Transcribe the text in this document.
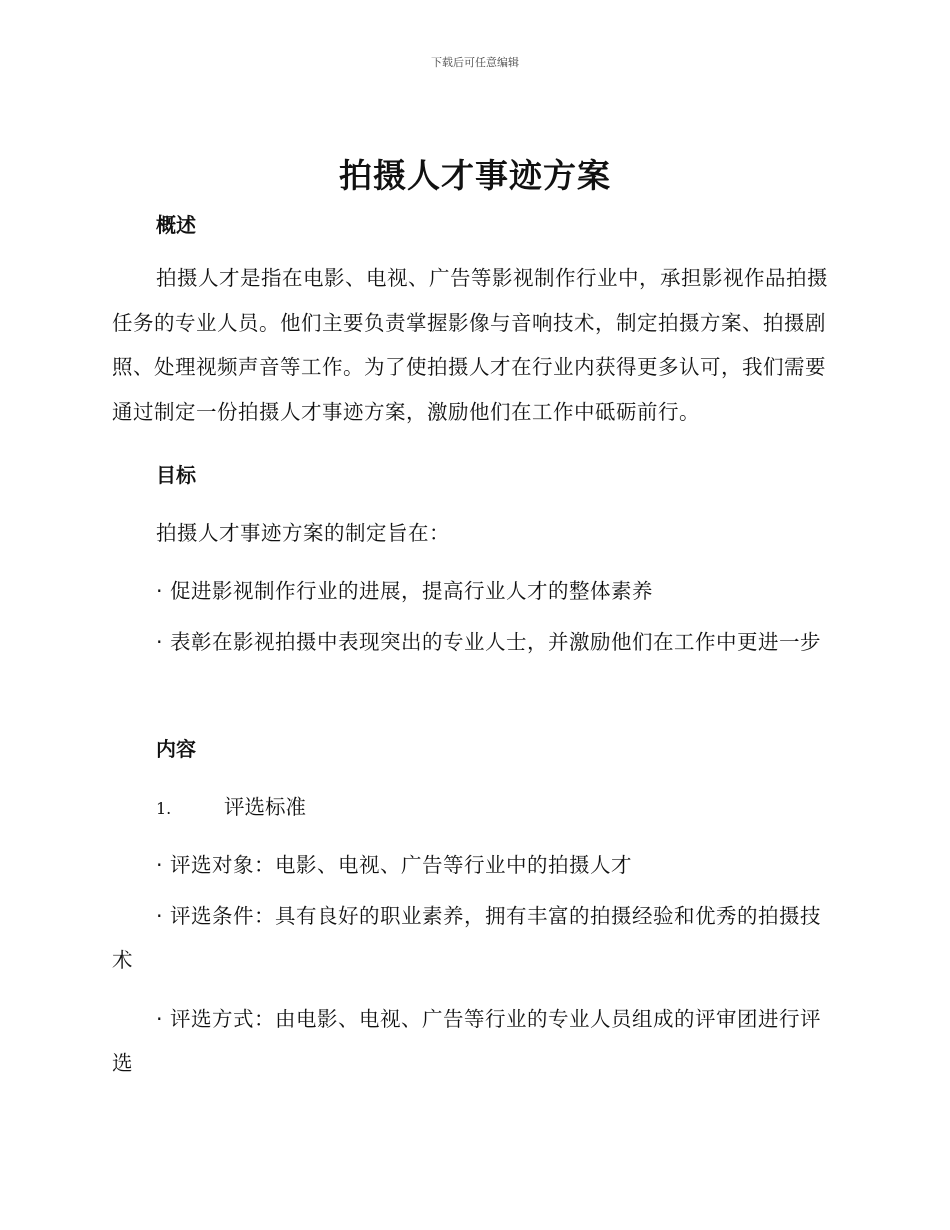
下载后可任意编辑
拍摄人才事迹方案
概述
拍摄人才是指在电影、电视、广告等影视制作行业中，承担影视作品拍摄任务的专业人员。他们主要负责掌握影像与音响技术，制定拍摄方案、拍摄剧照、处理视频声音等工作。为了使拍摄人才在行业内获得更多认可，我们需要通过制定一份拍摄人才事迹方案，激励他们在工作中砥砺前行。
目标
拍摄人才事迹方案的制定旨在：
· 促进影视制作行业的进展，提高行业人才的整体素养
· 表彰在影视拍摄中表现突出的专业人士，并激励他们在工作中更进一步
内容
1.	评选标准
· 评选对象：电影、电视、广告等行业中的拍摄人才
· 评选条件：具有良好的职业素养，拥有丰富的拍摄经验和优秀的拍摄技术
· 评选方式：由电影、电视、广告等行业的专业人员组成的评审团进行评选
